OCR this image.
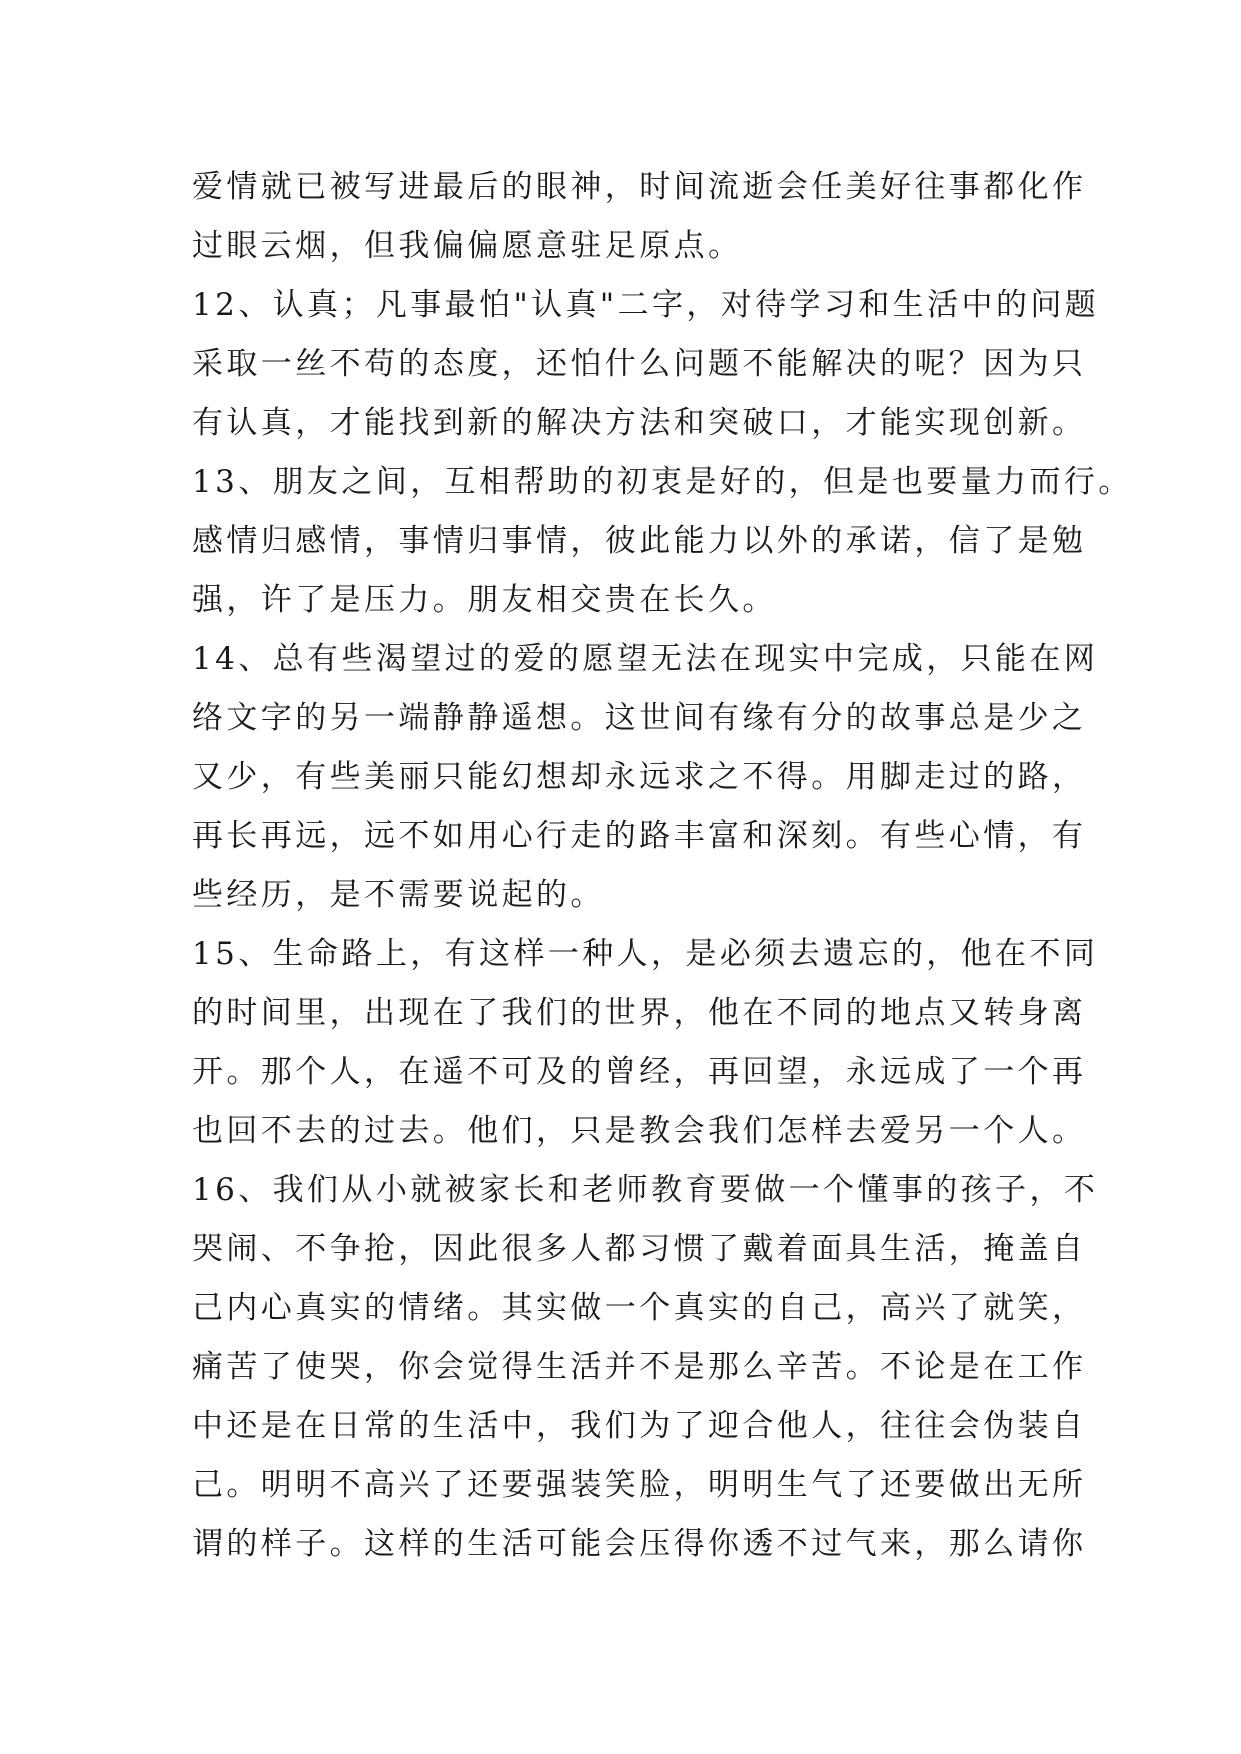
爱情就已被写进最后的眼神，时间流逝会任美好往事都化作
过眼云烟，但我偏偏愿意驻足原点。
12、认真；凡事最怕"认真"二字，对待学习和生活中的问题
采取一丝不苟的态度，还怕什么问题不能解决的呢？因为只
有认真，才能找到新的解决方法和突破口，才能实现创新。
13、朋友之间，互相帮助的初衷是好的，但是也要量力而行。
感情归感情，事情归事情，彼此能力以外的承诺，信了是勉
强，许了是压力。朋友相交贵在长久。
14、总有些渴望过的爱的愿望无法在现实中完成，只能在网
络文字的另一端静静遥想。这世间有缘有分的故事总是少之
又少，有些美丽只能幻想却永远求之不得。用脚走过的路，
再长再远，远不如用心行走的路丰富和深刻。有些心情，有
些经历，是不需要说起的。
15、生命路上，有这样一种人，是必须去遗忘的，他在不同
的时间里，出现在了我们的世界，他在不同的地点又转身离
开。那个人，在遥不可及的曾经，再回望，永远成了一个再
也回不去的过去。他们，只是教会我们怎样去爱另一个人。
16、我们从小就被家长和老师教育要做一个懂事的孩子，不
哭闹、不争抢，因此很多人都习惯了戴着面具生活，掩盖自
己内心真实的情绪。其实做一个真实的自己，高兴了就笑，
痛苦了使哭，你会觉得生活并不是那么辛苦。不论是在工作
中还是在日常的生活中，我们为了迎合他人，往往会伪装自
己。明明不高兴了还要强装笑脸，明明生气了还要做出无所
谓的样子。这样的生活可能会压得你透不过气来，那么请你
